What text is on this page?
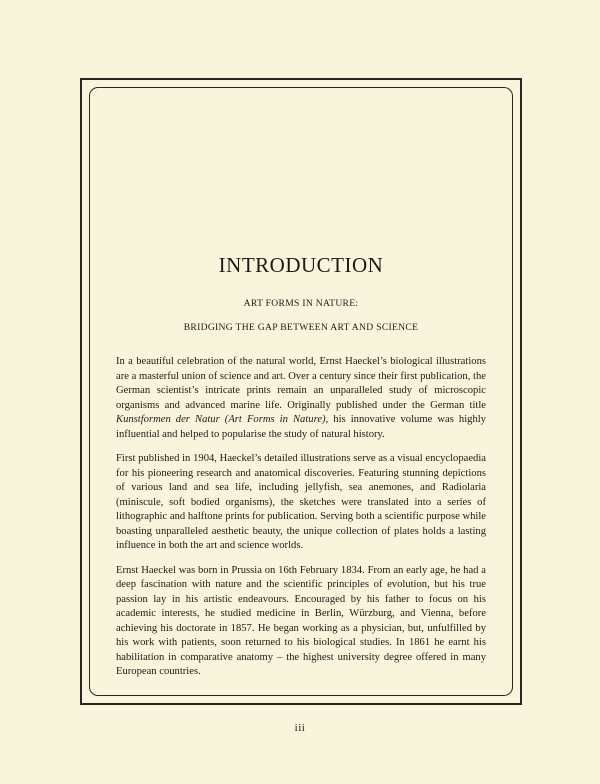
INTRODUCTION

ART FORMS IN NATURE:

BRIDGING THE GAP BETWEEN ART AND SCIENCE

In a beautiful celebration of the natural world, Ernst Haeckel’s biological illustrations are a masterful union of science and art. Over a century since their first publication, the German scientist’s intricate prints remain an unparalleled study of microscopic organisms and advanced marine life. Originally published under the German title Kunstformen der Natur (Art Forms in Nature), his innovative volume was highly influential and helped to popularise the study of natural history.

First published in 1904, Haeckel’s detailed illustrations serve as a visual encyclopaedia for his pioneering research and anatomical discoveries. Featuring stunning depictions of various land and sea life, including jellyfish, sea anemones, and Radiolaria (miniscule, soft bodied organisms), the sketches were translated into a series of lithographic and halftone prints for publication. Serving both a scientific purpose while boasting unparalleled aesthetic beauty, the unique collection of plates holds a lasting influence in both the art and science worlds.

Ernst Haeckel was born in Prussia on 16th February 1834. From an early age, he had a deep fascination with nature and the scientific principles of evolution, but his true passion lay in his artistic endeavours. Encouraged by his father to focus on his academic interests, he studied medicine in Berlin, Würzburg, and Vienna, before achieving his doctorate in 1857. He began working as a physician, but, unfulfilled by his work with patients, soon returned to his biological studies. In 1861 he earnt his habilitation in comparative anatomy – the highest university degree offered in many European countries.

iii
